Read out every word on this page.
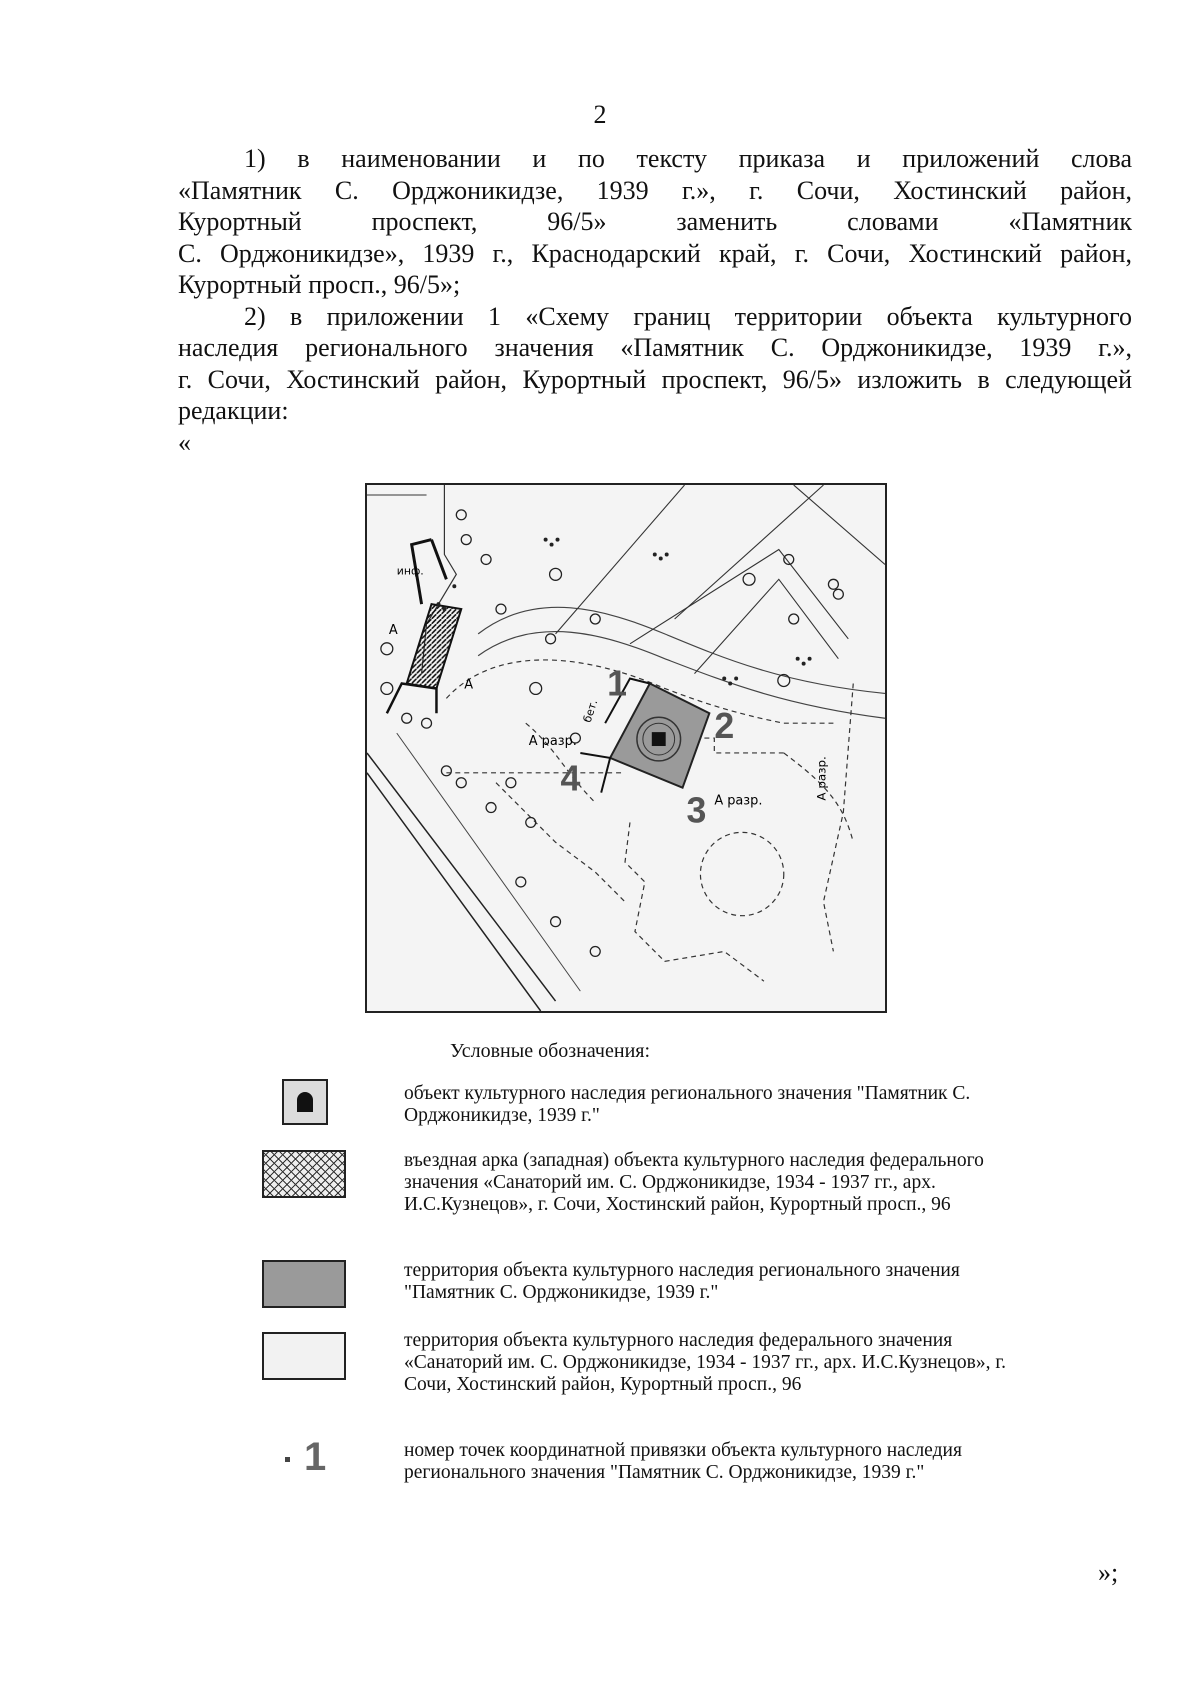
2

1) в наименовании и по тексту приказа и приложений слова

«Памятник С. Орджоникидзе, 1939 г.», г. Сочи, Хостинский район,

Курортный проспект, 96/5» заменить словами «Памятник

С. Орджоникидзе», 1939 г., Краснодарский край, г. Сочи, Хостинский район,

Курортный просп., 96/5»;

2) в приложении 1 «Схему границ территории объекта культурного

наследия регионального значения «Памятник С. Орджоникидзе, 1939 г.»,

г. Сочи, Хостинский район, Курортный проспект, 96/5» изложить в следующей

редакции:

«

инф.
А
А
А разр.
А разр.
А разр.
бет.
1
2
3
4
Условные обозначения:
1
объект культурного наследия регионального значения "Памятник С. Орджоникидзе, 1939 г."
въездная арка (западная) объекта культурного наследия федерального значения «Санаторий им. С. Орджоникидзе, 1934 - 1937 гг., арх. И.С.Кузнецов», г. Сочи, Хостинский район, Курортный просп., 96
территория объекта культурного наследия регионального значения "Памятник С. Орджоникидзе, 1939 г."
территория объекта культурного наследия федерального значения «Санаторий им. С. Орджоникидзе, 1934 - 1937 гг., арх. И.С.Кузнецов», г. Сочи, Хостинский район, Курортный просп., 96
номер точек координатной привязки объекта культурного наследия регионального значения "Памятник С. Орджоникидзе, 1939 г."
»;
